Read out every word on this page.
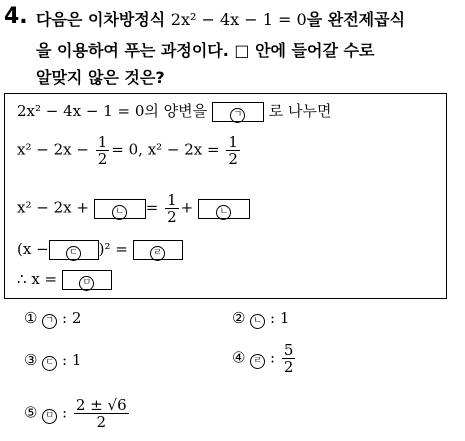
4. 다음은 이차방정식 2x² − 4x − 1 = 0을 완전제곱식
을 이용하여 푸는 과정이다. □ 안에 들어갈 수로
알맞지 않은 것은?
2x² − 4x − 1 = 0의 양변을	ㄱ 로 나누면
$x^2 - 2x - \frac{1}{2} = 0$, $x^2 - 2x = \frac{1}{2}$
x² − 2x +	ㄴ = $\frac{1}{2}$ +	ㄴ
(x − ㄷ )² =	ㄹ
∴ x =	ㅁ
① ㄱ : 2	② ㄴ : 1
③ ㄷ : 1	④ ㄹ : $\frac{5}{2}$
⑤ ㅁ : $\frac{2 \pm √6}{2}$
